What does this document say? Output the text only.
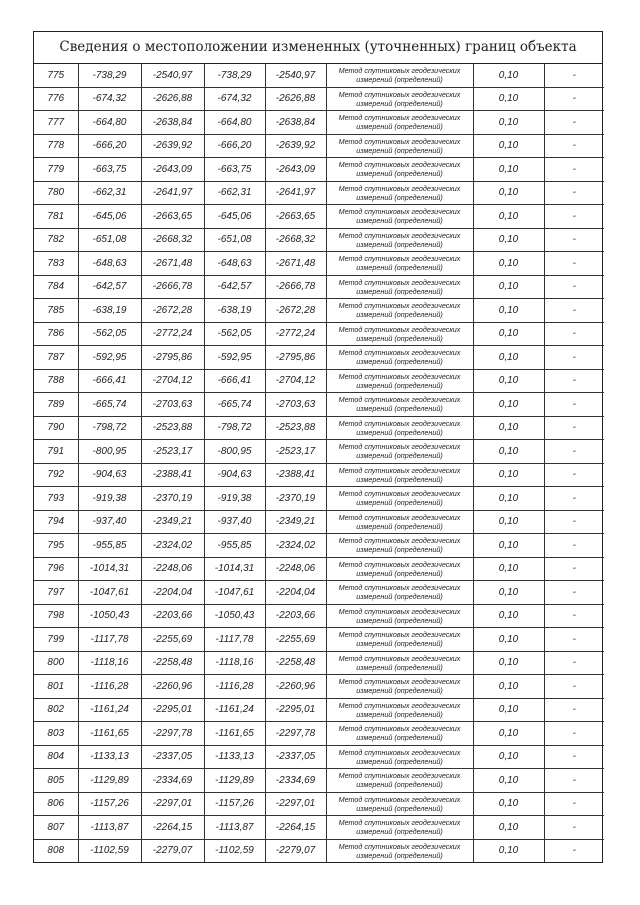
Сведения о местоположении измененных (уточненных) границ объекта
775	-738,29	-2540,97	-738,29	-2540,97	Метод спутниковых геодезических измерений (определений)	0,10	-
776	-674,32	-2626,88	-674,32	-2626,88	Метод спутниковых геодезических измерений (определений)	0,10	-
777	-664,80	-2638,84	-664,80	-2638,84	Метод спутниковых геодезических измерений (определений)	0,10	-
778	-666,20	-2639,92	-666,20	-2639,92	Метод спутниковых геодезических измерений (определений)	0,10	-
779	-663,75	-2643,09	-663,75	-2643,09	Метод спутниковых геодезических измерений (определений)	0,10	-
780	-662,31	-2641,97	-662,31	-2641,97	Метод спутниковых геодезических измерений (определений)	0,10	-
781	-645,06	-2663,65	-645,06	-2663,65	Метод спутниковых геодезических измерений (определений)	0,10	-
782	-651,08	-2668,32	-651,08	-2668,32	Метод спутниковых геодезических измерений (определений)	0,10	-
783	-648,63	-2671,48	-648,63	-2671,48	Метод спутниковых геодезических измерений (определений)	0,10	-
784	-642,57	-2666,78	-642,57	-2666,78	Метод спутниковых геодезических измерений (определений)	0,10	-
785	-638,19	-2672,28	-638,19	-2672,28	Метод спутниковых геодезических измерений (определений)	0,10	-
786	-562,05	-2772,24	-562,05	-2772,24	Метод спутниковых геодезических измерений (определений)	0,10	-
787	-592,95	-2795,86	-592,95	-2795,86	Метод спутниковых геодезических измерений (определений)	0,10	-
788	-666,41	-2704,12	-666,41	-2704,12	Метод спутниковых геодезических измерений (определений)	0,10	-
789	-665,74	-2703,63	-665,74	-2703,63	Метод спутниковых геодезических измерений (определений)	0,10	-
790	-798,72	-2523,88	-798,72	-2523,88	Метод спутниковых геодезических измерений (определений)	0,10	-
791	-800,95	-2523,17	-800,95	-2523,17	Метод спутниковых геодезических измерений (определений)	0,10	-
792	-904,63	-2388,41	-904,63	-2388,41	Метод спутниковых геодезических измерений (определений)	0,10	-
793	-919,38	-2370,19	-919,38	-2370,19	Метод спутниковых геодезических измерений (определений)	0,10	-
794	-937,40	-2349,21	-937,40	-2349,21	Метод спутниковых геодезических измерений (определений)	0,10	-
795	-955,85	-2324,02	-955,85	-2324,02	Метод спутниковых геодезических измерений (определений)	0,10	-
796	-1014,31	-2248,06	-1014,31	-2248,06	Метод спутниковых геодезических измерений (определений)	0,10	-
797	-1047,61	-2204,04	-1047,61	-2204,04	Метод спутниковых геодезических измерений (определений)	0,10	-
798	-1050,43	-2203,66	-1050,43	-2203,66	Метод спутниковых геодезических измерений (определений)	0,10	-
799	-1117,78	-2255,69	-1117,78	-2255,69	Метод спутниковых геодезических измерений (определений)	0,10	-
800	-1118,16	-2258,48	-1118,16	-2258,48	Метод спутниковых геодезических измерений (определений)	0,10	-
801	-1116,28	-2260,96	-1116,28	-2260,96	Метод спутниковых геодезических измерений (определений)	0,10	-
802	-1161,24	-2295,01	-1161,24	-2295,01	Метод спутниковых геодезических измерений (определений)	0,10	-
803	-1161,65	-2297,78	-1161,65	-2297,78	Метод спутниковых геодезических измерений (определений)	0,10	-
804	-1133,13	-2337,05	-1133,13	-2337,05	Метод спутниковых геодезических измерений (определений)	0,10	-
805	-1129,89	-2334,69	-1129,89	-2334,69	Метод спутниковых геодезических измерений (определений)	0,10	-
806	-1157,26	-2297,01	-1157,26	-2297,01	Метод спутниковых геодезических измерений (определений)	0,10	-
807	-1113,87	-2264,15	-1113,87	-2264,15	Метод спутниковых геодезических измерений (определений)	0,10	-
808	-1102,59	-2279,07	-1102,59	-2279,07	Метод спутниковых геодезических измерений (определений)	0,10	-
